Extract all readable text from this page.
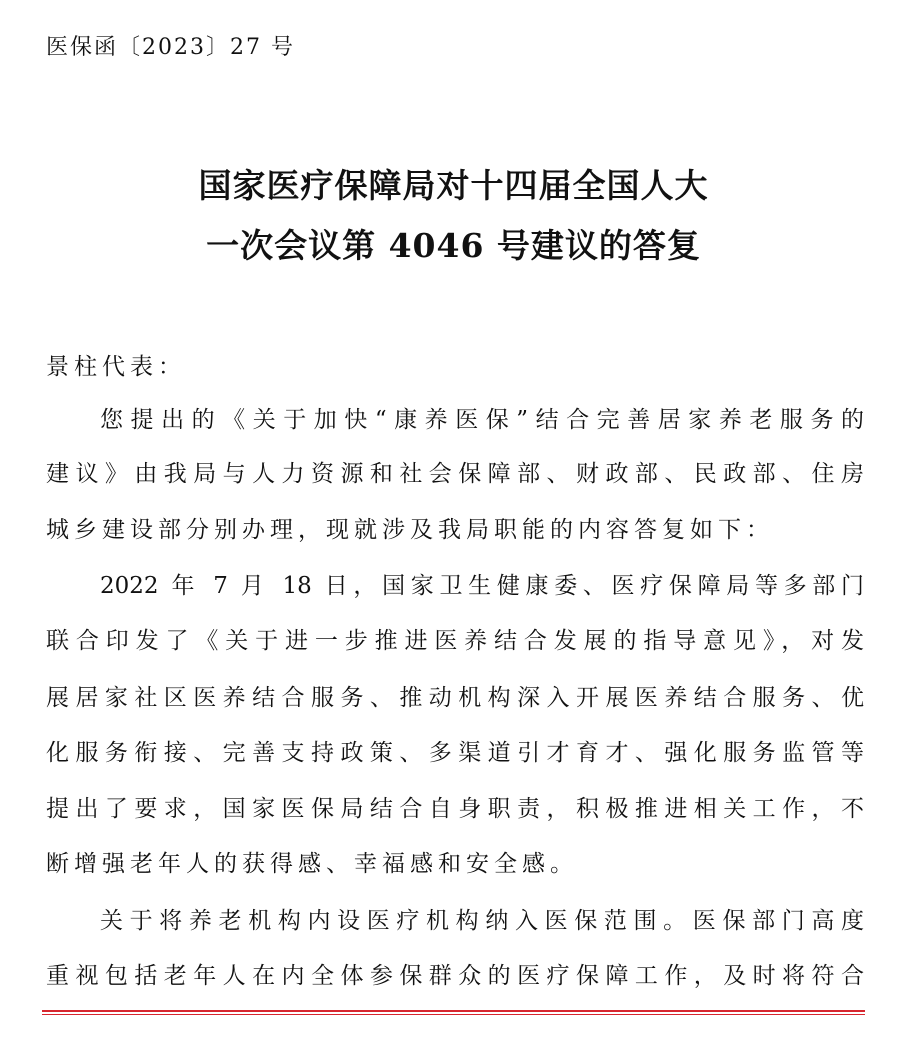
医保函〔2023〕27 号
国家医疗保障局对十四届全国人大
一次会议第 4046 号建议的答复
景柱代表：
您提出的《关于加快“康养医保”结合完善居家养老服务的
建议》由我局与人力资源和社会保障部、财政部、民政部、住房
城乡建设部分别办理，现就涉及我局职能的内容答复如下：
2022 年 7 月 18 日，国家卫生健康委、医疗保障局等多部门
联合印发了《关于进一步推进医养结合发展的指导意见》，对发
展居家社区医养结合服务、推动机构深入开展医养结合服务、优
化服务衔接、完善支持政策、多渠道引才育才、强化服务监管等
提出了要求，国家医保局结合自身职责，积极推进相关工作，不
断增强老年人的获得感、幸福感和安全感。
关于将养老机构内设医疗机构纳入医保范围。医保部门高度
重视包括老年人在内全体参保群众的医疗保障工作，及时将符合
